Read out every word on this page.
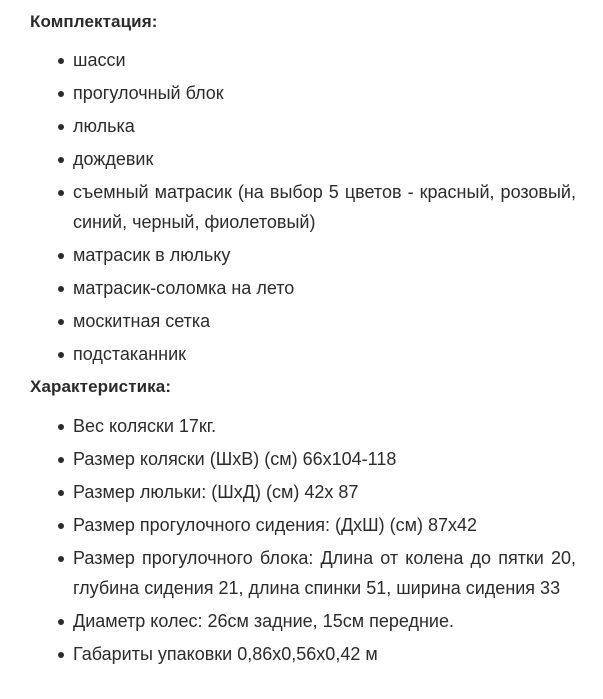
Комплектация:
шасси
прогулочный блок
люлька
дождевик
съемный матрасик (на выбор 5 цветов - красный, розовый, синий, черный, фиолетовый)
матрасик в люльку
матрасик-соломка на лето
москитная сетка
подстаканник
Характеристика:
Вес коляски 17кг.
Размер коляски (ШхВ) (см) 66х104-118
Размер люльки: (ШхД) (см) 42х 87
Размер прогулочного сидения: (ДхШ) (см) 87х42
Размер прогулочного блока: Длина от колена до пятки 20, глубина сидения 21, длина спинки 51, ширина сидения 33
Диаметр колес: 26см задние, 15см передние.
Габариты упаковки 0,86х0,56х0,42 м
